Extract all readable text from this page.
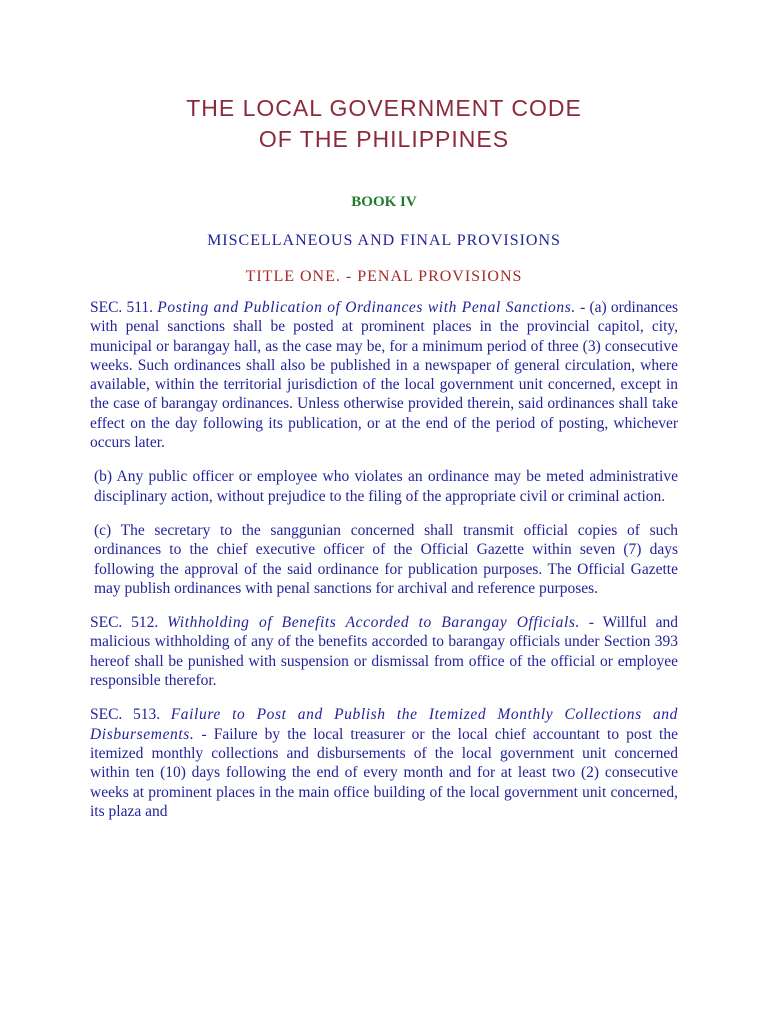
THE LOCAL GOVERNMENT CODE
OF THE PHILIPPINES

BOOK IV

MISCELLANEOUS AND FINAL PROVISIONS

TITLE ONE. - PENAL PROVISIONS

SEC. 511. Posting and Publication of Ordinances with Penal Sanctions. - (a) ordinances with penal sanctions shall be posted at prominent places in the provincial capitol, city, municipal or barangay hall, as the case may be, for a minimum period of three (3) consecutive weeks. Such ordinances shall also be published in a newspaper of general circulation, where available, within the territorial jurisdiction of the local government unit concerned, except in the case of barangay ordinances. Unless otherwise provided therein, said ordinances shall take effect on the day following its publication, or at the end of the period of posting, whichever occurs later.

(b) Any public officer or employee who violates an ordinance may be meted administrative disciplinary action, without prejudice to the filing of the appropriate civil or criminal action.

(c) The secretary to the sanggunian concerned shall transmit official copies of such ordinances to the chief executive officer of the Official Gazette within seven (7) days following the approval of the said ordinance for publication purposes. The Official Gazette may publish ordinances with penal sanctions for archival and reference purposes.

SEC. 512. Withholding of Benefits Accorded to Barangay Officials. - Willful and malicious withholding of any of the benefits accorded to barangay officials under Section 393 hereof shall be punished with suspension or dismissal from office of the official or employee responsible therefor.

SEC. 513. Failure to Post and Publish the Itemized Monthly Collections and Disbursements. - Failure by the local treasurer or the local chief accountant to post the itemized monthly collections and disbursements of the local government unit concerned within ten (10) days following the end of every month and for at least two (2) consecutive weeks at prominent places in the main office building of the local government unit concerned, its plaza and
